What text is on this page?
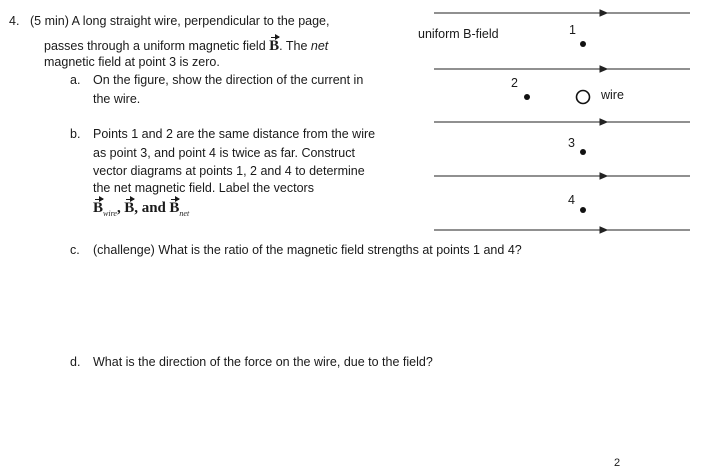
4. (5 min) A long straight wire, perpendicular to the page,
passes through a uniform magnetic field B. The net
magnetic field at point 3 is zero.
a. On the figure, show the direction of the current in
the wire.
b. Points 1 and 2 are the same distance from the wire
as point 3, and point 4 is twice as far. Construct
vector diagrams at points 1, 2 and 4 to determine
the net magnetic field. Label the vectors
$B_{wire}$, B, and $B_{net}$
c. (challenge) What is the ratio of the magnetic field strengths at points 1 and 4?
d. What is the direction of the force on the wire, due to the field?
uniform B-field	1
2
wire
3
4
2
